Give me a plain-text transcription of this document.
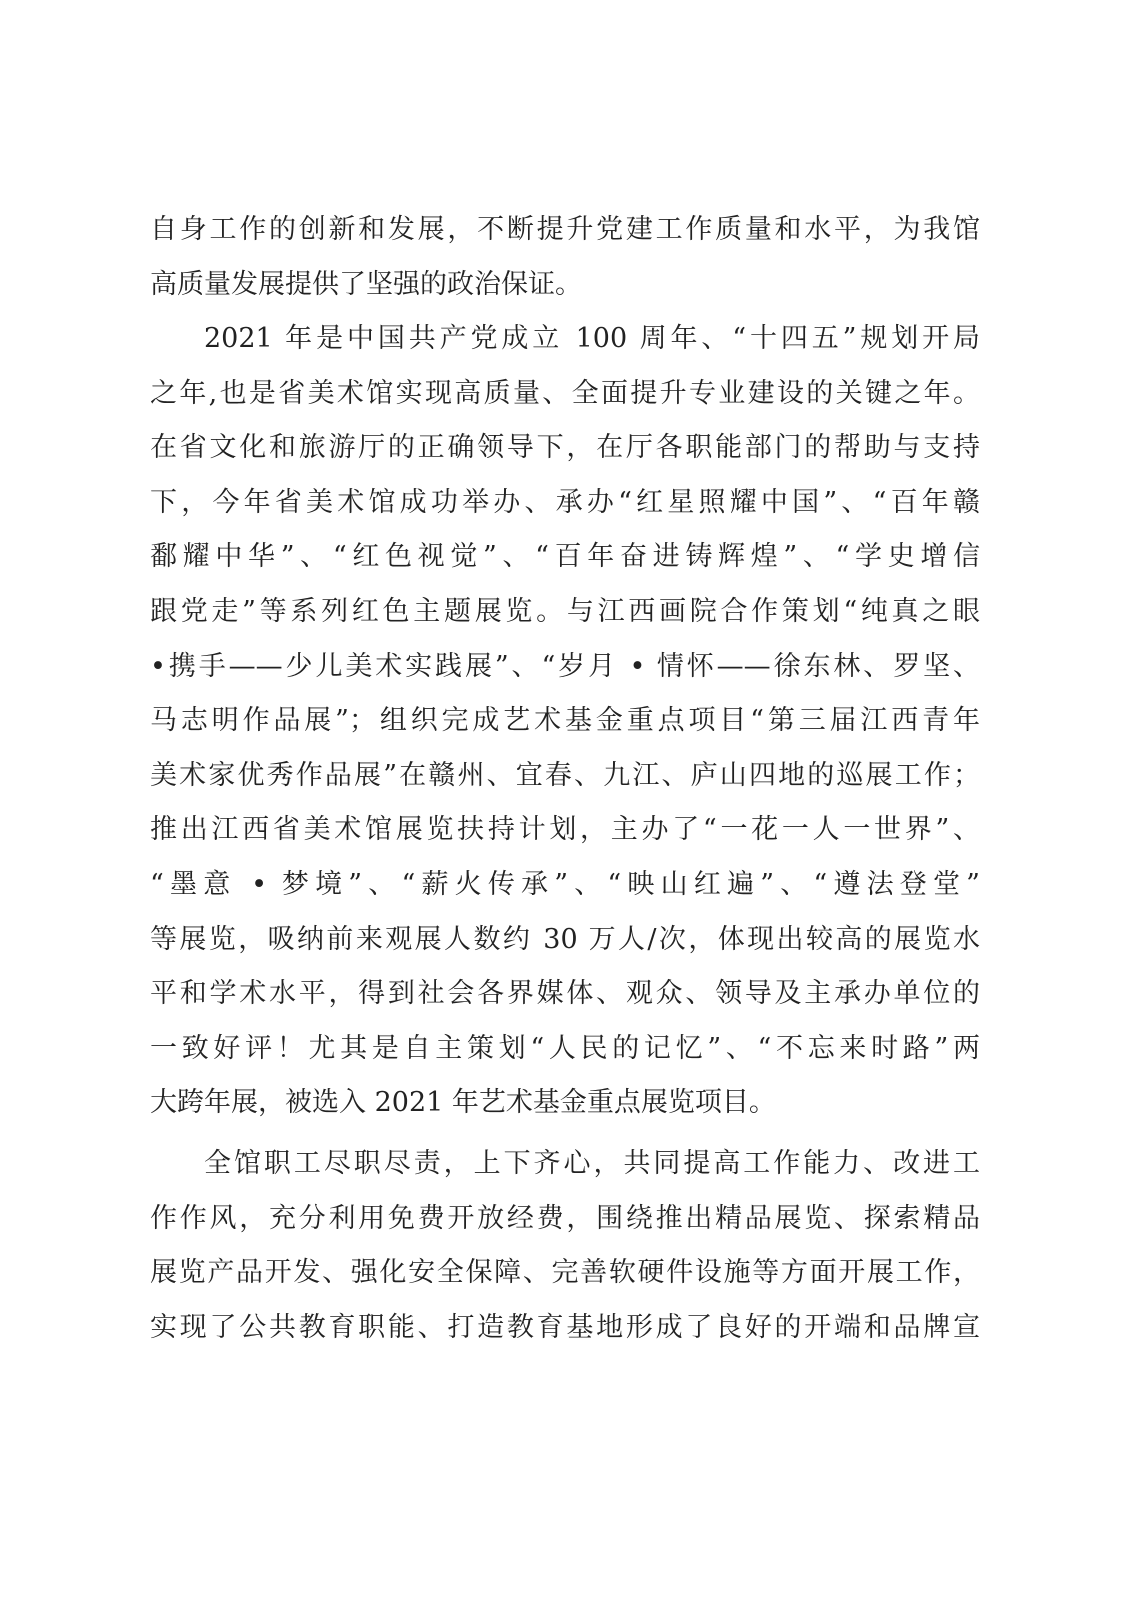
自身工作的创新和发展，不断提升党建工作质量和水平，为我馆
高质量发展提供了坚强的政治保证。
2021 年是中国共产党成立 100 周年、“十四五”规划开局
之年,也是省美术馆实现高质量、全面提升专业建设的关键之年。
在省文化和旅游厅的正确领导下，在厅各职能部门的帮助与支持
下，今年省美术馆成功举办、承办“红星照耀中国”、“百年赣
鄱耀中华”、“红色视觉”、“百年奋进铸辉煌”、“学史增信
跟党走”等系列红色主题展览。与江西画院合作策划“纯真之眼
•携手——少儿美术实践展”、“岁月 • 情怀——徐东林、罗坚、
马志明作品展”；组织完成艺术基金重点项目“第三届江西青年
美术家优秀作品展”在赣州、宜春、九江、庐山四地的巡展工作；
推出江西省美术馆展览扶持计划，主办了“一花一人一世界”、
“墨意 • 梦境”、“薪火传承”、“映山红遍”、“遵法登堂”
等展览，吸纳前来观展人数约 30 万人/次，体现出较高的展览水
平和学术水平，得到社会各界媒体、观众、领导及主承办单位的
一致好评！尤其是自主策划“人民的记忆”、“不忘来时路”两
大跨年展，被选入 2021 年艺术基金重点展览项目。
全馆职工尽职尽责，上下齐心，共同提高工作能力、改进工
作作风，充分利用免费开放经费，围绕推出精品展览、探索精品
展览产品开发、强化安全保障、完善软硬件设施等方面开展工作，
实现了公共教育职能、打造教育基地形成了良好的开端和品牌宣
